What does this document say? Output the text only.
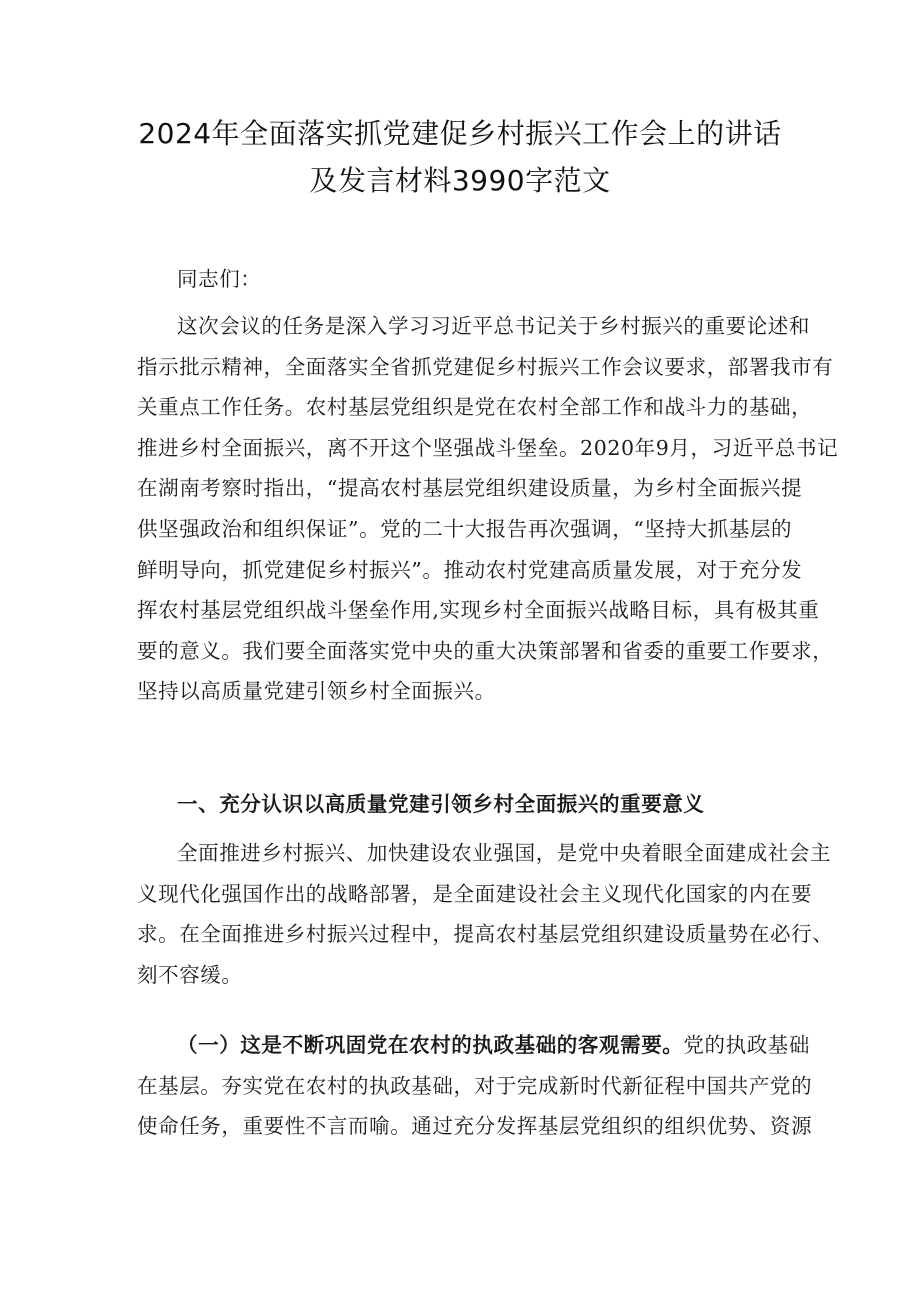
2024年全面落实抓党建促乡村振兴工作会上的讲话
及发言材料3990字范文

同志们：

这次会议的任务是深入学习习近平总书记关于乡村振兴的重要论述和
指示批示精神，全面落实全省抓党建促乡村振兴工作会议要求，部署我市有
关重点工作任务。农村基层党组织是党在农村全部工作和战斗力的基础，
推进乡村全面振兴，离不开这个坚强战斗堡垒。2020年9月，习近平总书记
在湖南考察时指出，“提高农村基层党组织建设质量，为乡村全面振兴提
供坚强政治和组织保证”。党的二十大报告再次强调，“坚持大抓基层的
鲜明导向，抓党建促乡村振兴”。推动农村党建高质量发展，对于充分发
挥农村基层党组织战斗堡垒作用,实现乡村全面振兴战略目标，具有极其重
要的意义。我们要全面落实党中央的重大决策部署和省委的重要工作要求，
坚持以高质量党建引领乡村全面振兴。

一、充分认识以高质量党建引领乡村全面振兴的重要意义

全面推进乡村振兴、加快建设农业强国，是党中央着眼全面建成社会主
义现代化强国作出的战略部署，是全面建设社会主义现代化国家的内在要
求。在全面推进乡村振兴过程中，提高农村基层党组织建设质量势在必行、
刻不容缓。

（一）这是不断巩固党在农村的执政基础的客观需要。党的执政基础
在基层。夯实党在农村的执政基础，对于完成新时代新征程中国共产党的
使命任务，重要性不言而喻。通过充分发挥基层党组织的组织优势、资源
